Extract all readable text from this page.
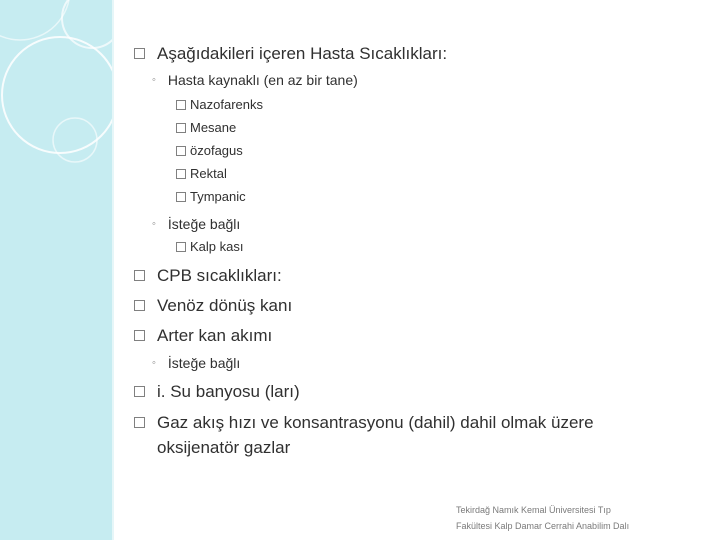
Aşağıdakileri içeren Hasta Sıcaklıkları:
◦ Hasta kaynaklı (en az bir tane)
Nazofarenks
Mesane
özofagus
Rektal
Tympanic
◦ İsteğe bağlı
Kalp kası
CPB sıcaklıkları:
Venöz dönüş kanı
Arter kan akımı
◦ İsteğe bağlı
i. Su banyosu (ları)
Gaz akış hızı ve konsantrasyonu (dahil) dahil olmak üzere
oksijenatör gazlar
Tekirdağ Namık Kemal Üniversitesi Tıp
Fakültesi Kalp Damar Cerrahi Anabilim Dalı
